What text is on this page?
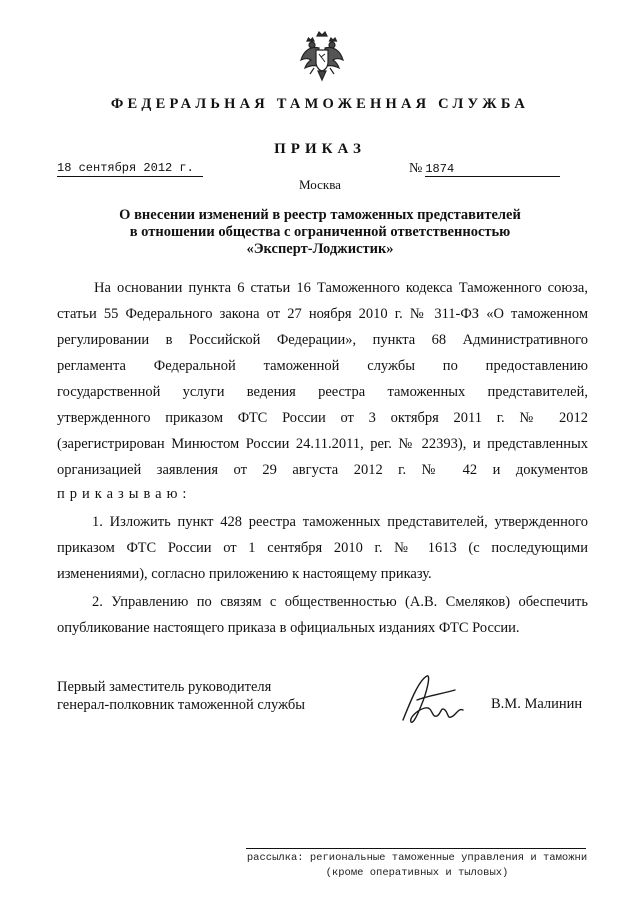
ФЕДЕРАЛЬНАЯ ТАМОЖЕННАЯ СЛУЖБА
ПРИКАЗ
18 сентября 2012 г.	№ 1874
Москва
О внесении изменений в реестр таможенных представителей
в отношении общества с ограниченной ответственностью
«Эксперт-Лоджистик»
На основании пункта 6 статьи 16 Таможенного кодекса Таможенного союза,
статьи 55 Федерального закона от 27 ноября 2010 г. № 311-ФЗ «О таможенном
регулировании в Российской Федерации», пункта 68 Административного
регламента Федеральной таможенной службы по предоставлению
государственной услуги ведения реестра таможенных представителей,
утвержденного приказом ФТС России от 3 октября 2011 г. № 2012
(зарегистрирован Минюстом России 24.11.2011, рег. № 22393), и представленных
организацией заявления от 29 августа 2012 г. № 42 и документов
приказываю:
1. Изложить пункт 428 реестра таможенных представителей, утвержденного
приказом ФТС России от 1 сентября 2010 г. № 1613 (с последующими
изменениями), согласно приложению к настоящему приказу.
2. Управлению по связям с общественностью (А.В. Смеляков) обеспечить
опубликование настоящего приказа в официальных изданиях ФТС России.
Первый заместитель руководителя
генерал-полковник таможенной службы	В.М. Малинин
рассылка: региональные таможенные управления и таможни
(кроме оперативных и тыловых)
